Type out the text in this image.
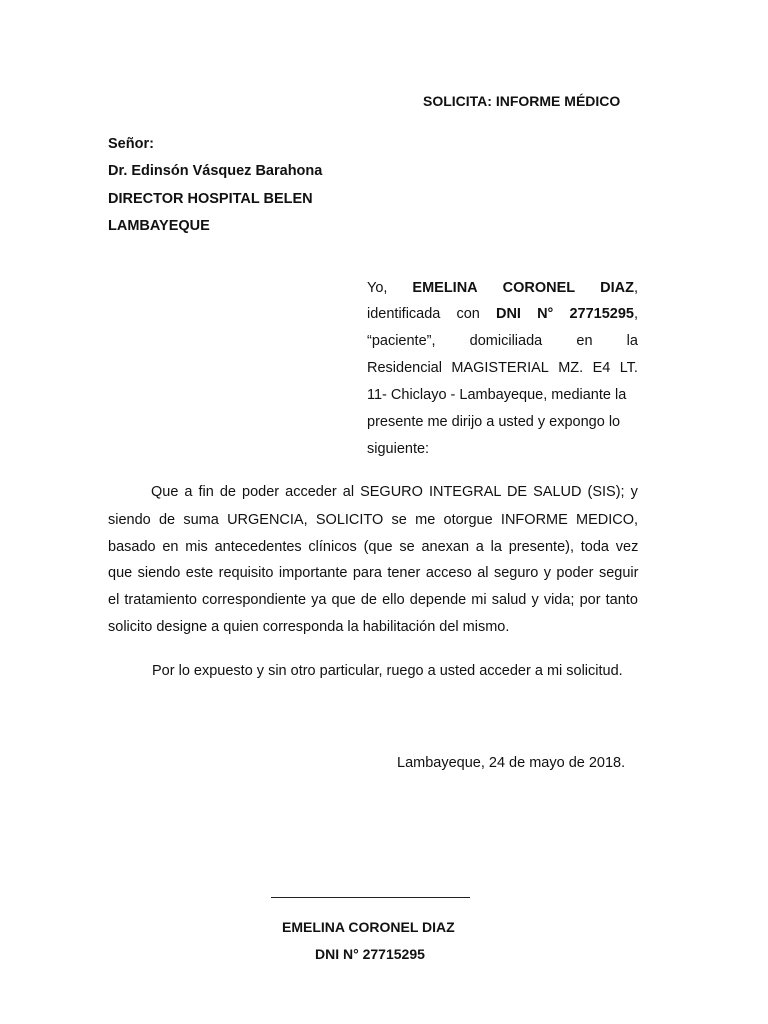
SOLICITA: INFORME MÉDICO
Señor:
Dr. Edinsón Vásquez Barahona
DIRECTOR HOSPITAL BELEN
LAMBAYEQUE
Yo, EMELINA CORONEL DIAZ,
identificada con DNI N° 27715295,
“paciente”, domiciliada en la
Residencial MAGISTERIAL MZ. E4 LT.
11- Chiclayo - Lambayeque, mediante la
presente me dirijo a usted y expongo lo
siguiente:
Que a fin de poder acceder al SEGURO INTEGRAL DE SALUD (SIS); y
siendo de suma URGENCIA, SOLICITO se me otorgue INFORME MEDICO,
basado en mis antecedentes clínicos (que se anexan a la presente), toda vez
que siendo este requisito importante para tener acceso al seguro y poder seguir
el tratamiento correspondiente ya que de ello depende mi salud y vida; por tanto
solicito designe a quien corresponda la habilitación del mismo.
Por lo expuesto y sin otro particular, ruego a usted acceder a mi solicitud.
Lambayeque, 24 de mayo de 2018.
EMELINA CORONEL DIAZ
DNI N° 27715295
